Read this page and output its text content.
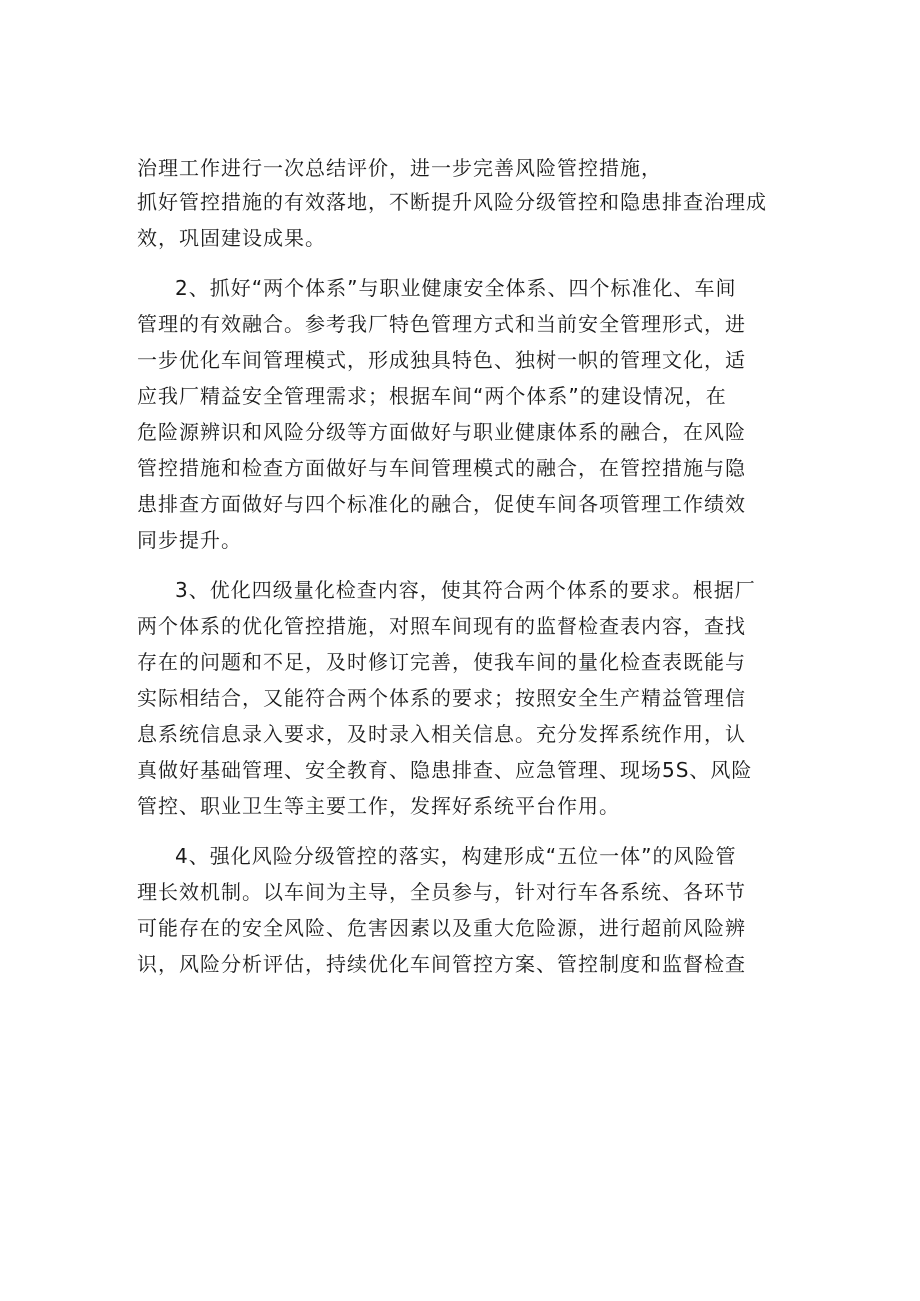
治理工作进行一次总结评价，进一步完善风险管控措施，
抓好管控措施的有效落地，不断提升风险分级管控和隐患排查治理成
效，巩固建设成果。
2、抓好“两个体系”与职业健康安全体系、四个标准化、车间
管理的有效融合。参考我厂特色管理方式和当前安全管理形式，进
一步优化车间管理模式，形成独具特色、独树一帜的管理文化，适
应我厂精益安全管理需求；根据车间“两个体系”的建设情况，在
危险源辨识和风险分级等方面做好与职业健康体系的融合，在风险
管控措施和检查方面做好与车间管理模式的融合，在管控措施与隐
患排查方面做好与四个标准化的融合，促使车间各项管理工作绩效
同步提升。
3、优化四级量化检查内容，使其符合两个体系的要求。根据厂
两个体系的优化管控措施，对照车间现有的监督检查表内容，查找
存在的问题和不足，及时修订完善，使我车间的量化检查表既能与
实际相结合，又能符合两个体系的要求；按照安全生产精益管理信
息系统信息录入要求，及时录入相关信息。充分发挥系统作用，认
真做好基础管理、安全教育、隐患排查、应急管理、现场5S、风险
管控、职业卫生等主要工作，发挥好系统平台作用。
4、强化风险分级管控的落实，构建形成“五位一体”的风险管
理长效机制。以车间为主导，全员参与，针对行车各系统、各环节
可能存在的安全风险、危害因素以及重大危险源，进行超前风险辨
识，风险分析评估，持续优化车间管控方案、管控制度和监督检查
